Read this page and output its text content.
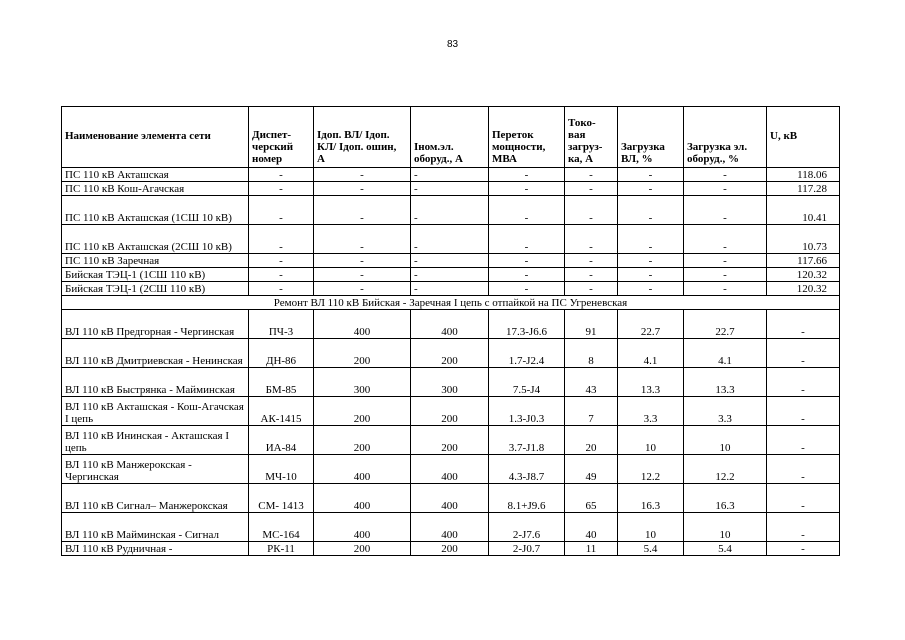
83
Наименование элемента сети	Диспет- черский номер	Iдоп. ВЛ/ Iдоп. КЛ/ Iдоп. ошин, А	Iном.эл. оборуд., А	Переток мощности, МВА	Токо- вая загруз- ка, А	Загрузка ВЛ, %	Загрузка эл. оборуд., %	U, кВ
ПС 110 кВ Акташская	-	-	-	-	-	-	-	118.06
ПС 110 кВ Кош-Агачская	-	-	-	-	-	-	-	117.28
ПС 110 кВ Акташская (1СШ 10 кВ)	-	-	-	-	-	-	-	10.41
ПС 110 кВ Акташская (2СШ 10 кВ)	-	-	-	-	-	-	-	10.73
ПС 110 кВ Заречная	-	-	-	-	-	-	-	117.66
Бийская ТЭЦ-1 (1СШ 110 кВ)	-	-	-	-	-	-	-	120.32
Бийская ТЭЦ-1 (2СШ 110 кВ)	-	-	-	-	-	-	-	120.32
Ремонт ВЛ 110 кВ Бийская - Заречная I цепь с отпайкой на ПС Угреневская								
ВЛ 110 кВ Предгорная - Чергинская	ПЧ-3	400	400	17.3-J6.6	91	22.7	22.7	-
ВЛ 110 кВ Дмитриевская - Ненинская	ДН-86	200	200	1.7-J2.4	8	4.1	4.1	-
ВЛ 110 кВ Быстрянка - Майминская	БМ-85	300	300	7.5-J4	43	13.3	13.3	-
ВЛ 110 кВ Акташская - Кош-Агачская I цепь	АК-1415	200	200	1.3-J0.3	7	3.3	3.3	-
ВЛ 110 кВ Ининская - Акташская I цепь	ИА-84	200	200	3.7-J1.8	20	10	10	-
ВЛ 110 кВ Манжерокская - Чергинская	МЧ-10	400	400	4.3-J8.7	49	12.2	12.2	-
ВЛ 110 кВ Сигнал– Манжерокская	СМ- 1413	400	400	8.1+J9.6	65	16.3	16.3	-
ВЛ 110 кВ Майминская - Сигнал	МС-164	400	400	2-J7.6	40	10	10	-
ВЛ 110 кВ Рудничная -	РК-11	200	200	2-J0.7	11	5.4	5.4	-
